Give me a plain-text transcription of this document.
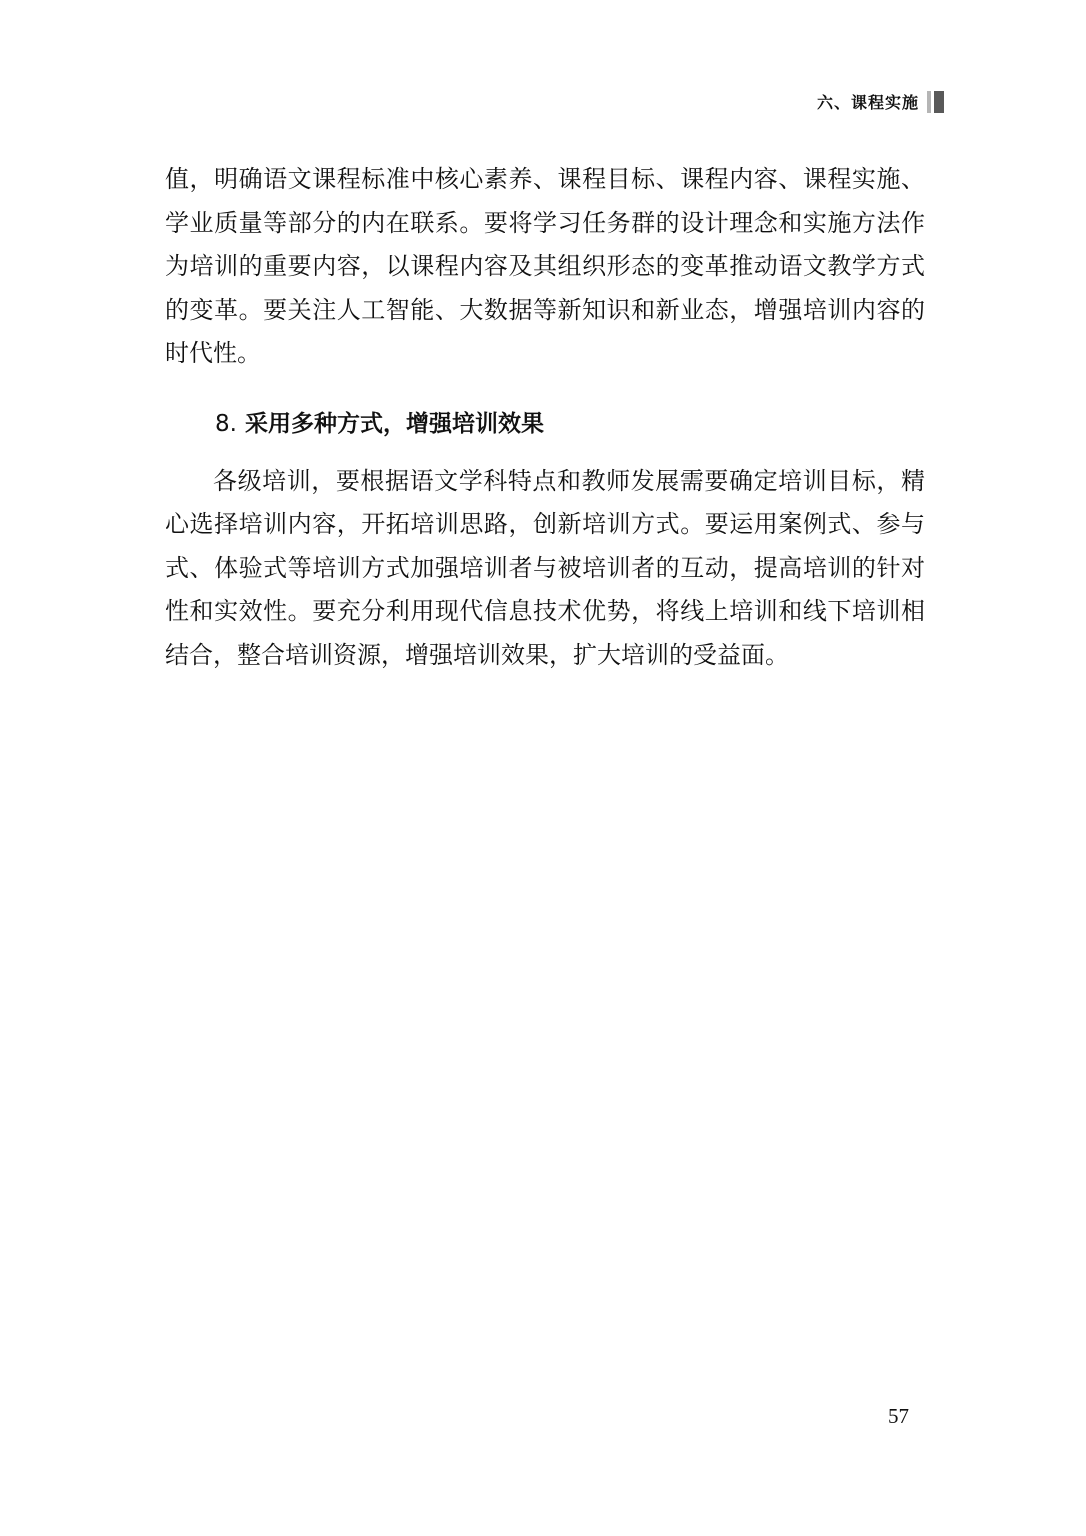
六、课程实施

值，明确语文课程标准中核心素养、课程目标、课程内容、课程实施、学业质量等部分的内在联系。要将学习任务群的设计理念和实施方法作为培训的重要内容，以课程内容及其组织形态的变革推动语文教学方式的变革。要关注人工智能、大数据等新知识和新业态，增强培训内容的时代性。

8. 采用多种方式，增强培训效果

各级培训，要根据语文学科特点和教师发展需要确定培训目标，精心选择培训内容，开拓培训思路，创新培训方式。要运用案例式、参与式、体验式等培训方式加强培训者与被培训者的互动，提高培训的针对性和实效性。要充分利用现代信息技术优势，将线上培训和线下培训相结合，整合培训资源，增强培训效果，扩大培训的受益面。

57
